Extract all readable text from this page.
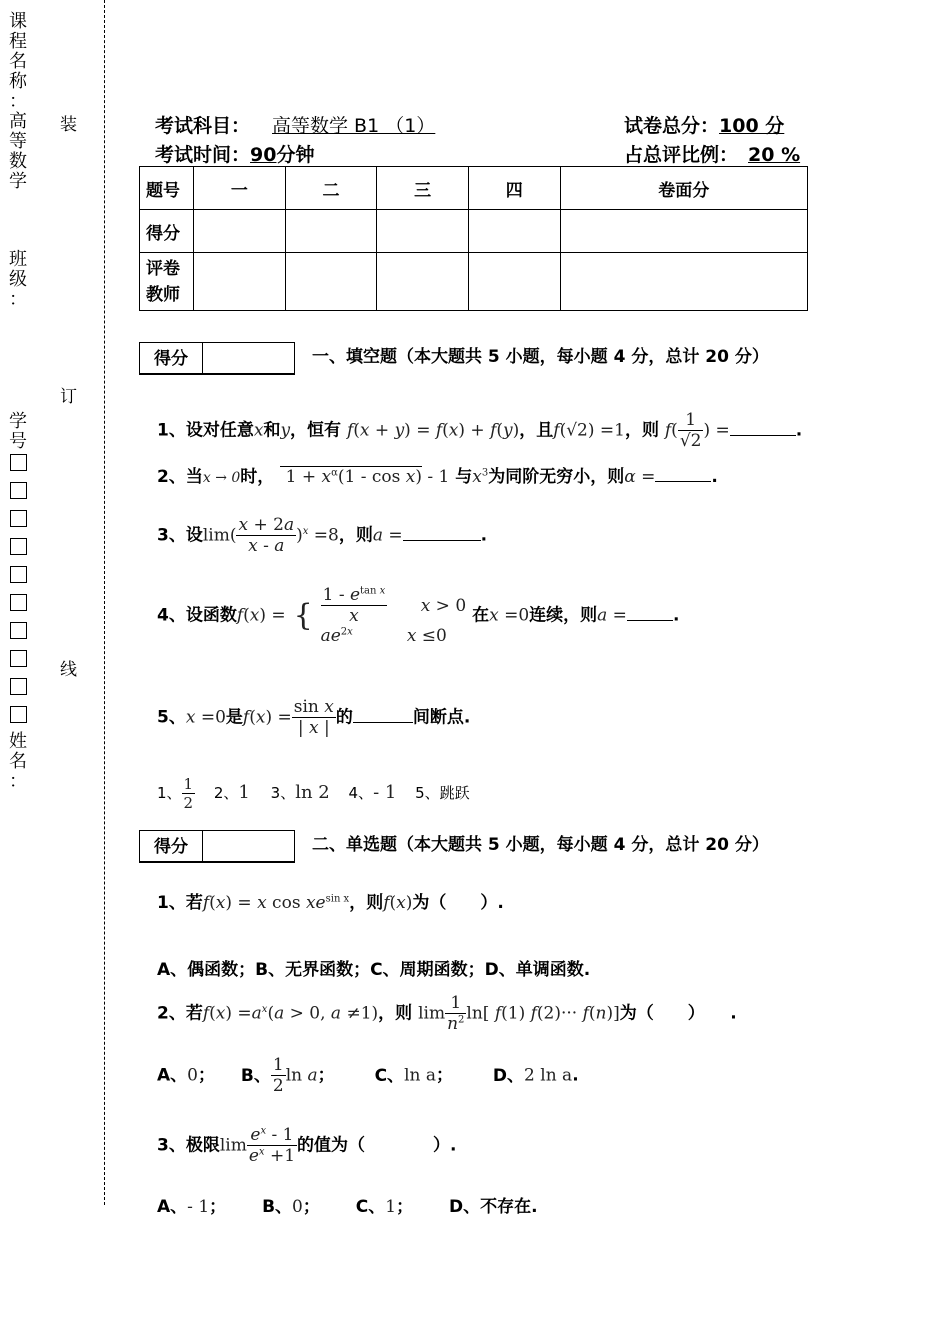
课
程
名
称
：
高
等
数
学
班
级
：
学
号

姓
名
：
装
订
线
考试科目： 高等数学 B1 （1）	试卷总分：100 分
考试时间：90分钟	占总评比例： 20 %
题号	一	二	三	四	卷面分
得分					
评卷
教师					
得分	一、填空题（本大题共 5 小题，每小题 4 分，总计 20 分）
1、设对任意x和y，恒有 f(x + y) = f(x) + f(y)，且f(√2) =1，则 $f( \frac{1}{√2}$ ) =	.
2、当x → 0时，  $1 + x^\alpha(1 - \cos x) - 1$ 与$x^3$为同阶无穷小，则α =	.
3、设$\lim( \frac{x + 2a}{x - a} )^x =8$，则a =	.
4、设函数f(x) = { $\frac{1 - e^{tan x}}{x}$ x > 0
$ae^{2x}$	x ≤0 在x =0连续，则a =	.
5、x =0是$f(x) = \frac{\text{sin x}}{| x |}$ 的	间断点.
1、 $\frac{1}{2} 2$、1 3、ln 2 4、- 1 5、跳跃
得分	二、单选题（本大题共 5 小题，每小题 4 分，总计 20 分）
1、若f(x) = x $\cos xe^{sin x}$，则f(x)为（　　）.
A、偶函数；B、无界函数；C、周期函数；D、单调函数.
2、若$f(x) =a^x(a > 0$, a ≠1)，则 $\lim \frac{1}{n^2} \ln$[ f(1) f(2)··· f(n)]为（　　）　　.
A、0； B、 $\frac{1}{2}$ ln a； C、ln a； D、2 ln a.
3、极限$\lim \frac{e^x - 1}{e^x +1}$ 的值为（　　　　）.
A、- 1； B、0； C、1； D、不存在.
